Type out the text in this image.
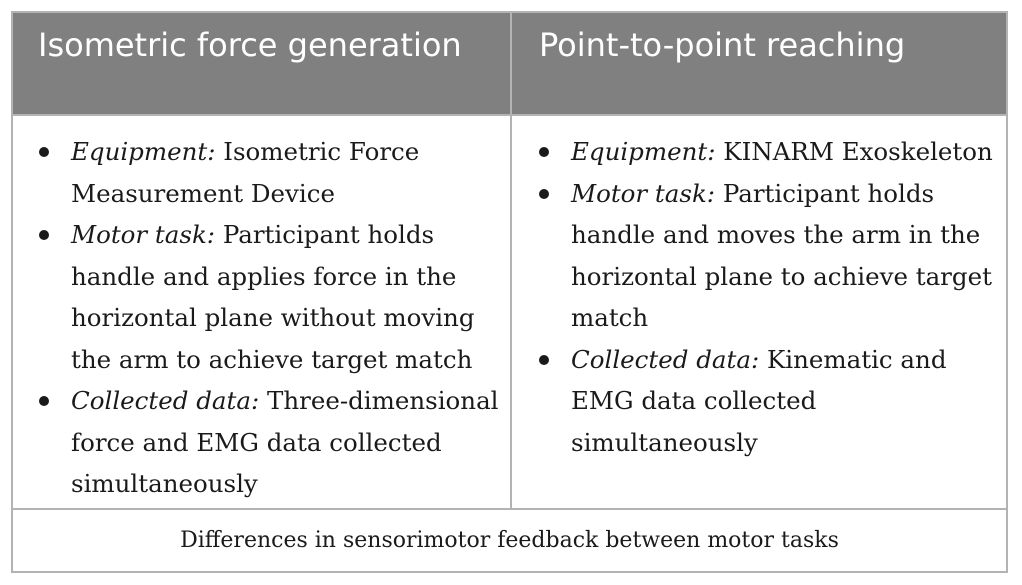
Isometric force generation	Point-to-point reaching
Equipment: Isometric Force Measurement Device
Motor task: Participant holds handle and applies force in the horizontal plane without moving the arm to achieve target match
Collected data: Three-dimensional force and EMG data collected simultaneously
Equipment: KINARM Exoskeleton
Motor task: Participant holds handle and moves the arm in the horizontal plane to achieve target match
Collected data: Kinematic and EMG data collected simultaneously
Differences in sensorimotor feedback between motor tasks
